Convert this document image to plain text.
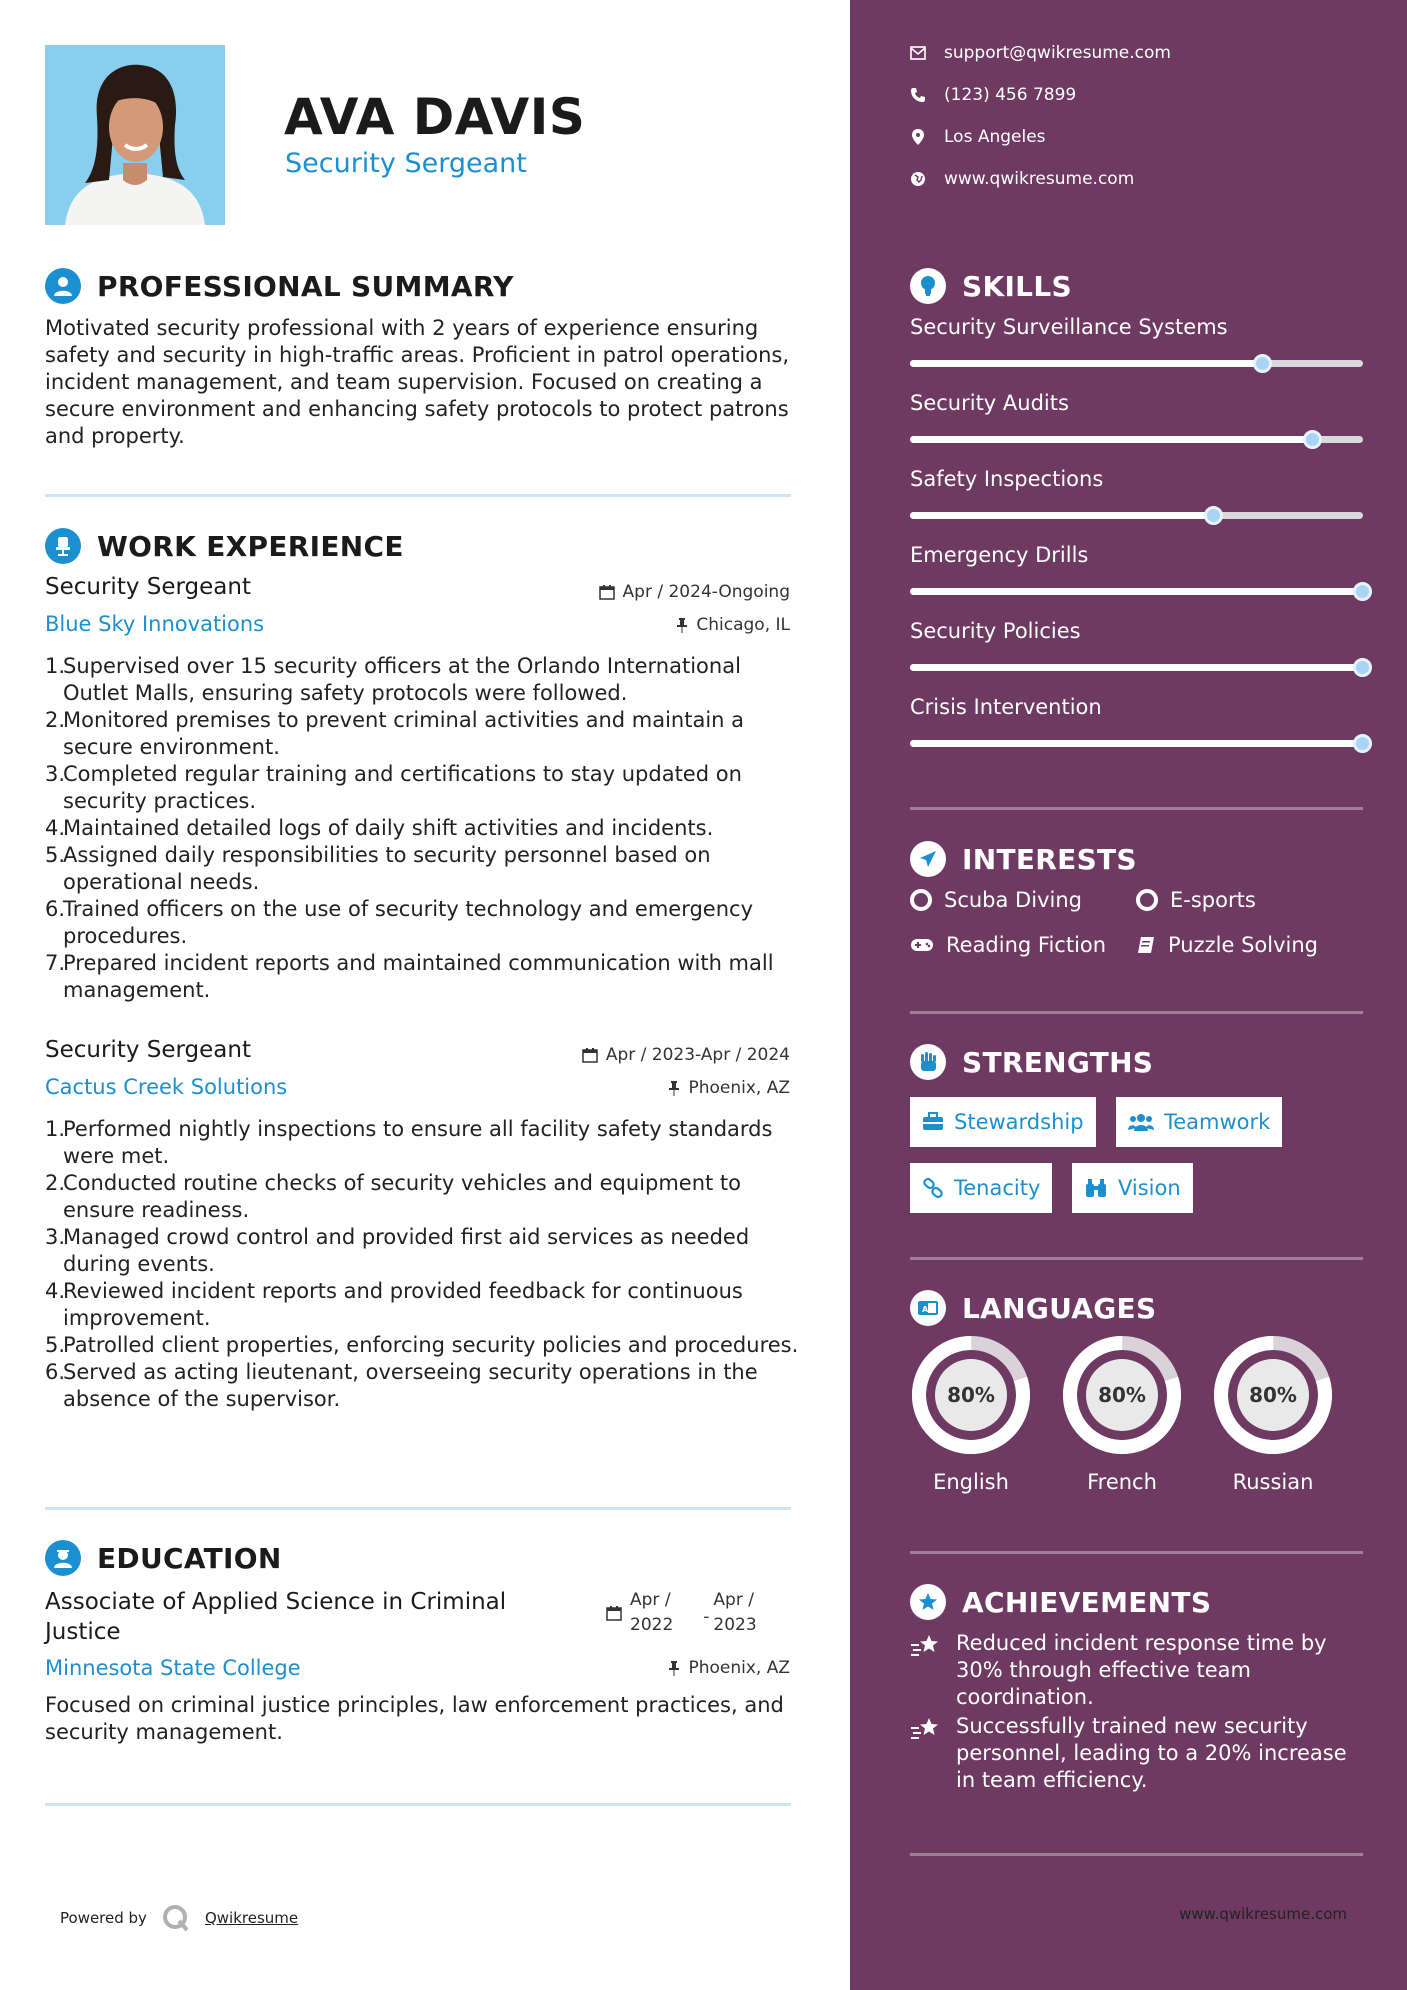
AVA DAVIS
Security Sergeant
PROFESSIONAL SUMMARY
Motivated security professional with 2 years of experience ensuring safety and security in high-traffic areas. Proficient in patrol operations, incident management, and team supervision. Focused on creating a secure environment and enhancing safety protocols to protect patrons and property.
WORK EXPERIENCE
Security Sergeant
Blue Sky Innovations
Apr / 2024-Ongoing
Chicago, IL
1.
Supervised over 15 security officers at the Orlando International Outlet Malls, ensuring safety protocols were followed.
2.
Monitored premises to prevent criminal activities and maintain a secure environment.
3.
Completed regular training and certifications to stay updated on security practices.
4.
Maintained detailed logs of daily shift activities and incidents.
5.
Assigned daily responsibilities to security personnel based on operational needs.
6.
Trained officers on the use of security technology and emergency procedures.
7.
Prepared incident reports and maintained communication with mall management.
Security Sergeant
Cactus Creek Solutions
Apr / 2023-Apr / 2024
Phoenix, AZ
1.
Performed nightly inspections to ensure all facility safety standards were met.
2.
Conducted routine checks of security vehicles and equipment to ensure readiness.
3.
Managed crowd control and provided first aid services as needed during events.
4.
Reviewed incident reports and provided feedback for continuous improvement.
5.
Patrolled client properties, enforcing security policies and procedures.
6.
Served as acting lieutenant, overseeing security operations in the absence of the supervisor.
EDUCATION
Associate of Applied Science in Criminal
Justice
Minnesota State College
Apr /
2022 -
Apr /
2023
Phoenix, AZ
Focused on criminal justice principles, law enforcement practices, and security management.
Powered by	Qwikresume
support@qwikresume.com
(123) 456 7899
Los Angeles
www.qwikresume.com
SKILLS
Security Surveillance Systems
Security Audits
Safety Inspections
Emergency Drills
Security Policies
Crisis Intervention
INTERESTS
Scuba Diving	E-sports
Reading Fiction	Puzzle Solving
STRENGTHS
Stewardship	Teamwork
Tenacity	Vision
A LANGUAGES
80%
English
80%
French
80%
Russian
ACHIEVEMENTS
Reduced incident response time by 30% through effective team coordination.
Successfully trained new security personnel, leading to a 20% increase in team efficiency.
www.qwikresume.com
